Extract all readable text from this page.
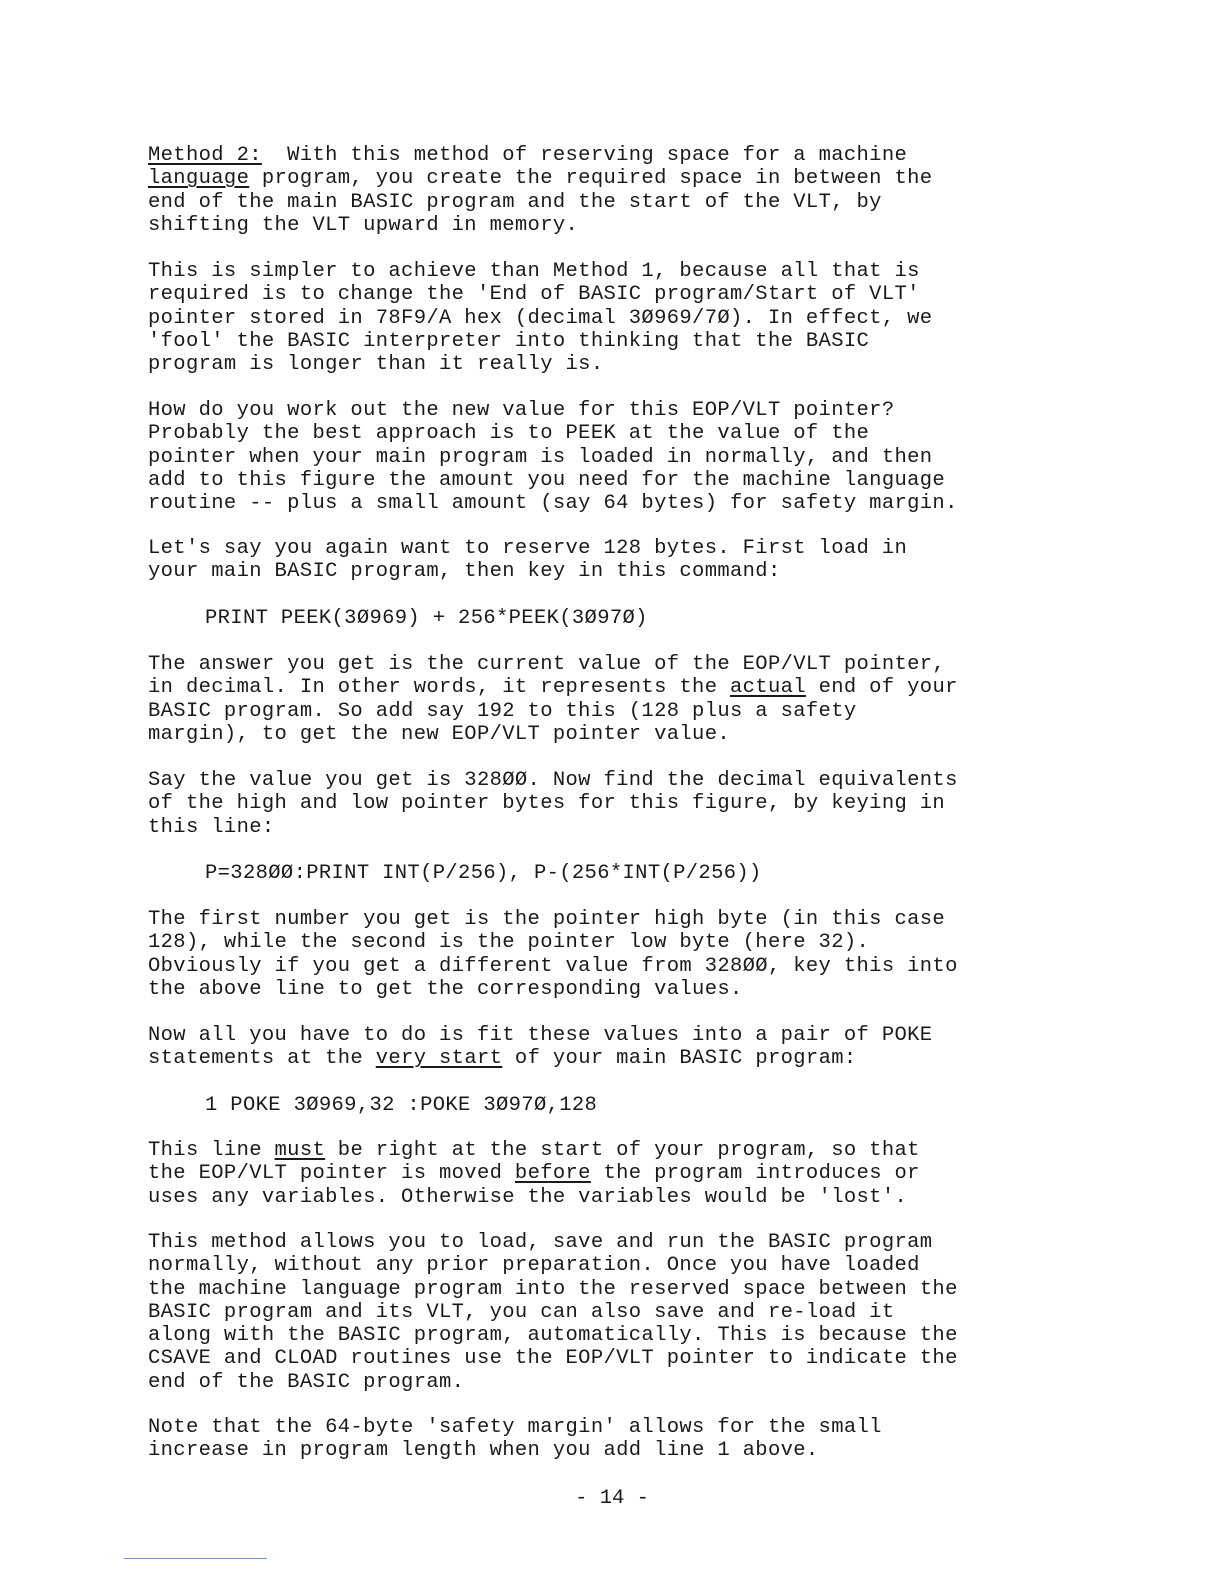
Method 2:  With this method of reserving space for a machine
language program, you create the required space in between the
end of the main BASIC program and the start of the VLT, by
shifting the VLT upward in memory.
This is simpler to achieve than Method 1, because all that is
required is to change the 'End of BASIC program/Start of VLT'
pointer stored in 78F9/A hex (decimal 3Ø969/7Ø). In effect, we
'fool' the BASIC interpreter into thinking that the BASIC
program is longer than it really is.
How do you work out the new value for this EOP/VLT pointer?
Probably the best approach is to PEEK at the value of the
pointer when your main program is loaded in normally, and then
add to this figure the amount you need for the machine language
routine -- plus a small amount (say 64 bytes) for safety margin.
Let's say you again want to reserve 128 bytes. First load in
your main BASIC program, then key in this command:
PRINT PEEK(3Ø969) + 256*PEEK(3Ø97Ø)
The answer you get is the current value of the EOP/VLT pointer,
in decimal. In other words, it represents the actual end of your
BASIC program. So add say 192 to this (128 plus a safety
margin), to get the new EOP/VLT pointer value.
Say the value you get is 328ØØ. Now find the decimal equivalents
of the high and low pointer bytes for this figure, by keying in
this line:
P=328ØØ:PRINT INT(P/256), P-(256*INT(P/256))
The first number you get is the pointer high byte (in this case
128), while the second is the pointer low byte (here 32).
Obviously if you get a different value from 328ØØ, key this into
the above line to get the corresponding values.
Now all you have to do is fit these values into a pair of POKE
statements at the very start of your main BASIC program:
1 POKE 3Ø969,32 :POKE 3Ø97Ø,128
This line must be right at the start of your program, so that
the EOP/VLT pointer is moved before the program introduces or
uses any variables. Otherwise the variables would be 'lost'.
This method allows you to load, save and run the BASIC program
normally, without any prior preparation. Once you have loaded
the machine language program into the reserved space between the
BASIC program and its VLT, you can also save and re-load it
along with the BASIC program, automatically. This is because the
CSAVE and CLOAD routines use the EOP/VLT pointer to indicate the
end of the BASIC program.
Note that the 64-byte 'safety margin' allows for the small
increase in program length when you add line 1 above.
- 14 -
